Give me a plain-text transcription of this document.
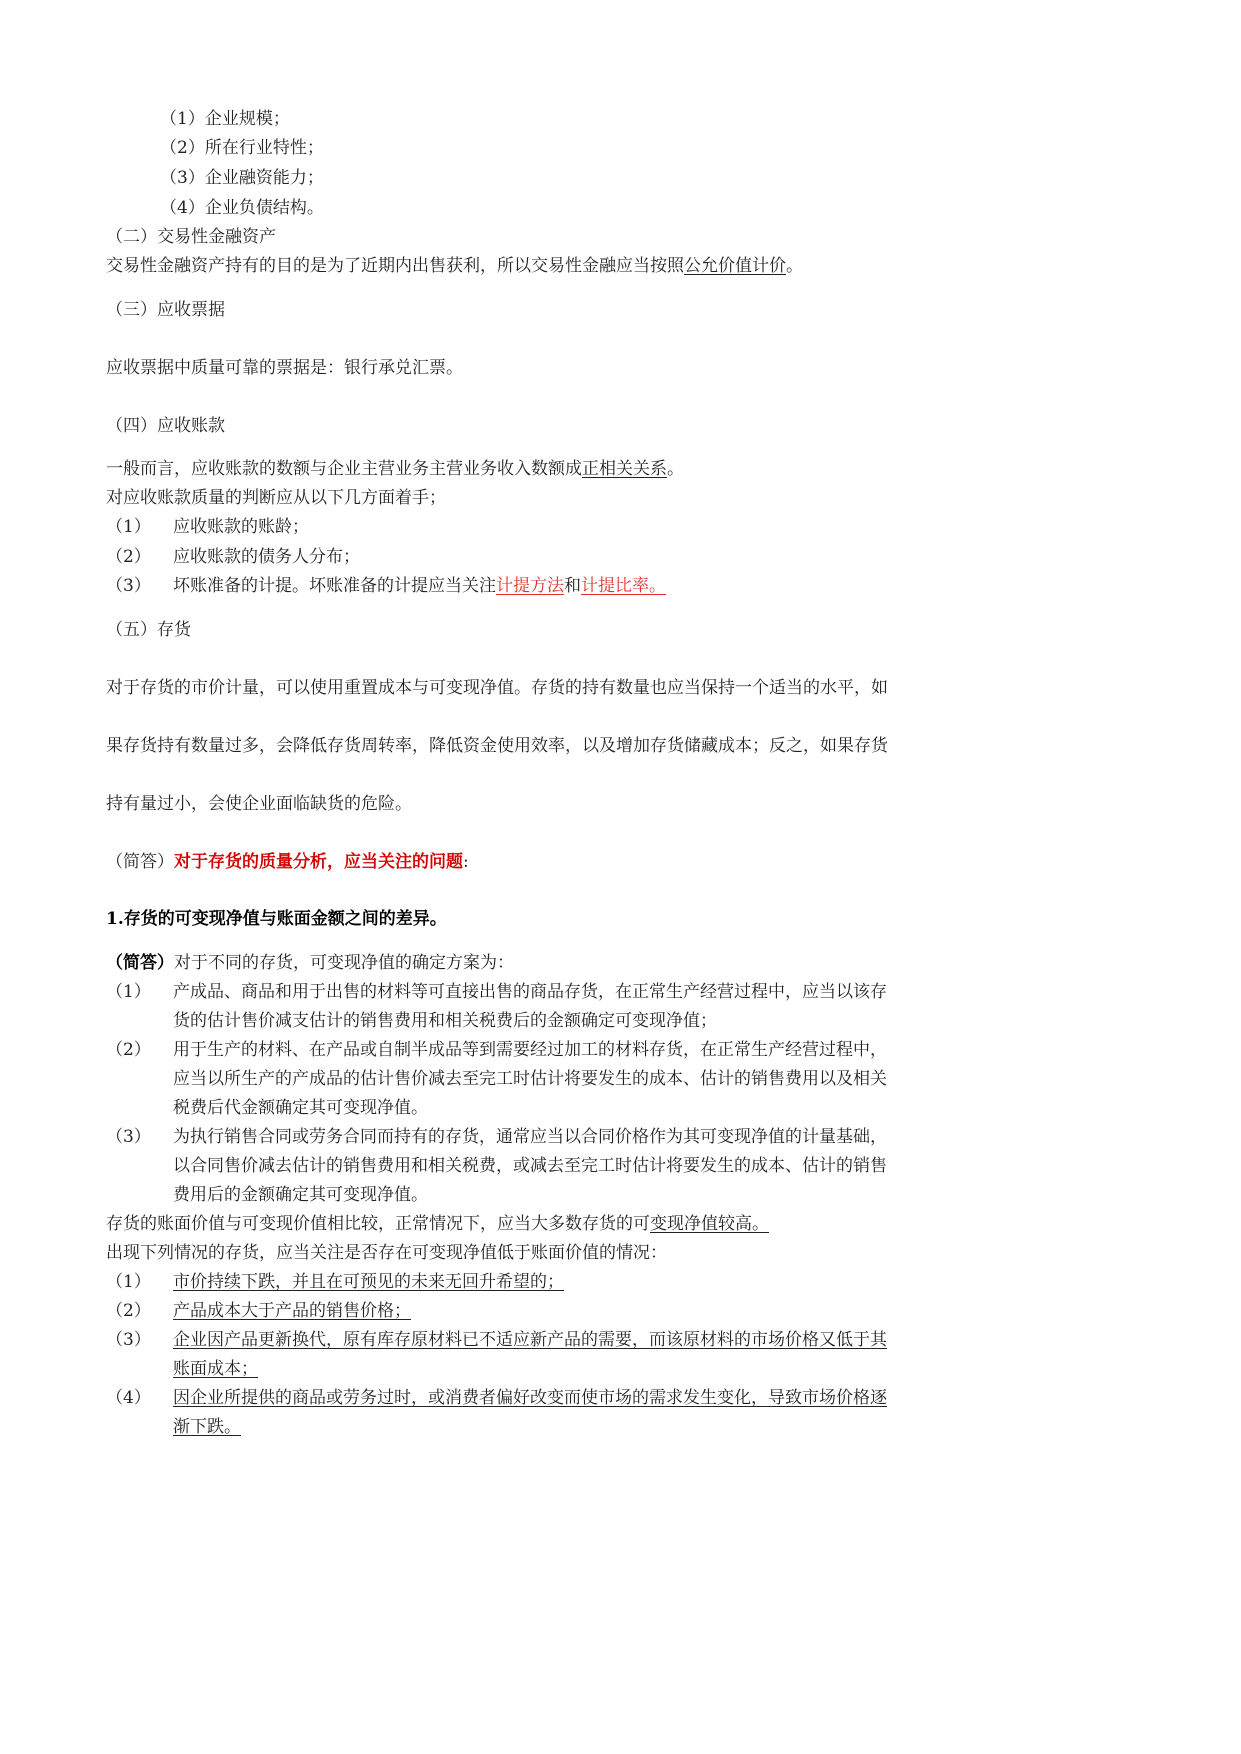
（1）企业规模；
（2）所在行业特性；
（3）企业融资能力；
（4）企业负债结构。
（二）交易性金融资产
交易性金融资产持有的目的是为了近期内出售获利，所以交易性金融应当按照公允价值计价。
（三）应收票据
应收票据中质量可靠的票据是：银行承兑汇票。
（四）应收账款
一般而言，应收账款的数额与企业主营业务主营业务收入数额成正相关关系。
对应收账款质量的判断应从以下几方面着手；
（1） 应收账款的账龄；
（2） 应收账款的债务人分布；
（3） 坏账准备的计提。坏账准备的计提应当关注计提方法和计提比率。
（五）存货
对于存货的市价计量，可以使用重置成本与可变现净值。存货的持有数量也应当保持一个适当的水平，如
果存货持有数量过多，会降低存货周转率，降低资金使用效率，以及增加存货储藏成本；反之，如果存货
持有量过小，会使企业面临缺货的危险。
（简答）对于存货的质量分析，应当关注的问题:
1.存货的可变现净值与账面金额之间的差异。
（简答）对于不同的存货，可变现净值的确定方案为：
（1） 产成品、商品和用于出售的材料等可直接出售的商品存货，在正常生产经营过程中，应当以该存
货的估计售价减支估计的销售费用和相关税费后的金额确定可变现净值；
（2） 用于生产的材料、在产品或自制半成品等到需要经过加工的材料存货，在正常生产经营过程中，
应当以所生产的产成品的估计售价减去至完工时估计将要发生的成本、估计的销售费用以及相关
税费后代金额确定其可变现净值。
（3） 为执行销售合同或劳务合同而持有的存货，通常应当以合同价格作为其可变现净值的计量基础，
以合同售价减去估计的销售费用和相关税费，或减去至完工时估计将要发生的成本、估计的销售
费用后的金额确定其可变现净值。
存货的账面价值与可变现价值相比较，正常情况下，应当大多数存货的可变现净值较高。
出现下列情况的存货，应当关注是否存在可变现净值低于账面价值的情况：
（1） 市价持续下跌，并且在可预见的未来无回升希望的；
（2） 产品成本大于产品的销售价格；
（3） 企业因产品更新换代，原有库存原材料已不适应新产品的需要，而该原材料的市场价格又低于其
账面成本；
（4） 因企业所提供的商品或劳务过时，或消费者偏好改变而使市场的需求发生变化，导致市场价格逐
渐下跌。
